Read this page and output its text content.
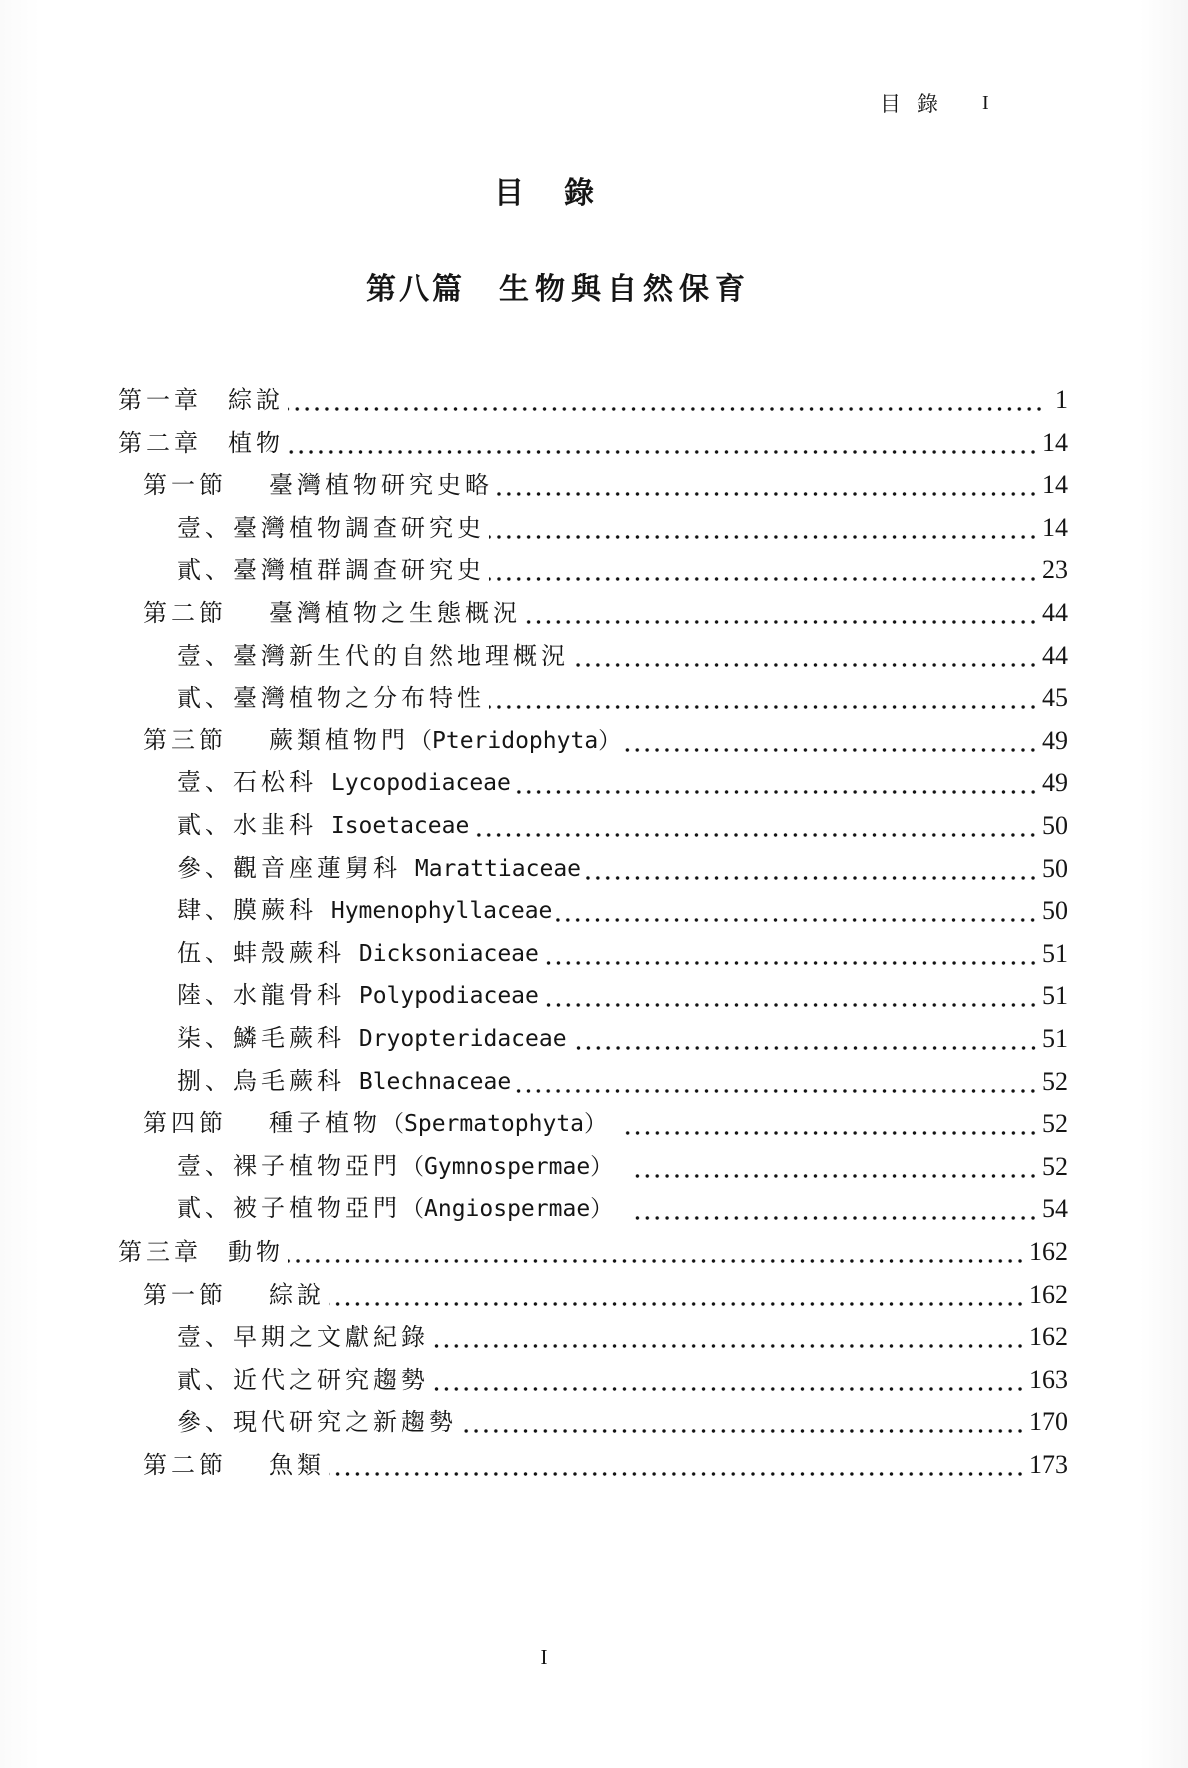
目錄 I
目錄
第八篇 生物與自然保育
第一章 綜說	1
第二章 植物	14
第一節 臺灣植物研究史略	14
壹、臺灣植物調查研究史	14
貳、臺灣植群調查研究史	23
第二節 臺灣植物之生態概況	44
壹、臺灣新生代的自然地理概況	44
貳、臺灣植物之分布特性	45
第三節 蕨類植物門（Pteridophyta）	49
壹、石松科 Lycopodiaceae	49
貳、水韭科 Isoetaceae	50
參、觀音座蓮舅科 Marattiaceae	50
肆、膜蕨科 Hymenophyllaceae	50
伍、蚌殼蕨科 Dicksoniaceae	51
陸、水龍骨科 Polypodiaceae	51
柒、鱗毛蕨科 Dryopteridaceae	51
捌、烏毛蕨科 Blechnaceae	52
第四節 種子植物（Spermatophyta）	52
壹、裸子植物亞門（Gymnospermae）	52
貳、被子植物亞門（Angiospermae）	54
第三章 動物	162
第一節 綜說	162
壹、早期之文獻紀錄	162
貳、近代之研究趨勢	163
參、現代研究之新趨勢	170
第二節 魚類	173
I
